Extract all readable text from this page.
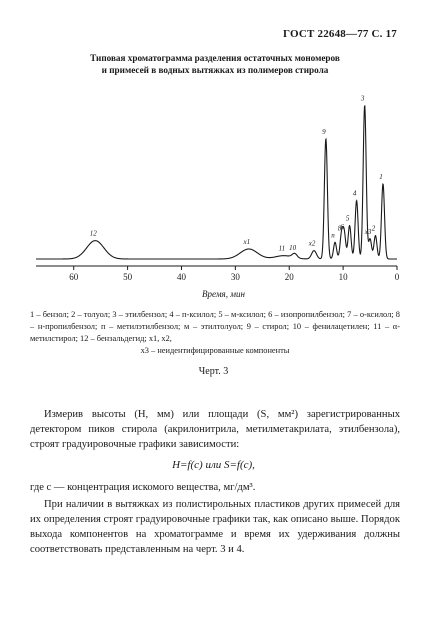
ГОСТ 22648—77 С. 17
Типовая хроматограмма разделения остаточных мономеров
и примесей в водных вытяжках из полимеров стирола
60	50	40	30	20	10	0
12
x1
11 10
x2
9
n
8 6
5
4
3
x3 2
1
Время, мин
1 – бензол; 2 – толуол; 3 – этилбензол; 4 – п-ксилол; 5 – м-ксилол; 6 – изопропилбензол; 7 – о-ксилол; 8 – н-пропилбензол; п – метилэтилбензол; м – этилтолуол; 9 – стирол; 10 – фенилацетилен; 11 – α-метилстирол; 12 – бензальдегид; x1, x2,
x3 – неидентифицированные компоненты
Черт. 3
Измерив высоты (H, мм) или площади (S, мм²) зарегистрированных детектором пиков стирола (акрилонитрила, метилметакрилата, этилбензола), строят градуировочные графики зависимости:
H=f(c) или S=f(c),
где c — концентрация искомого вещества, мг/дм³.
При наличии в вытяжках из полистирольных пластиков других примесей для их определения строят градуировочные графики так, как описано выше. Порядок выхода компонентов на хроматограмме и время их удерживания должны соответствовать представленным на черт. 3 и 4.
